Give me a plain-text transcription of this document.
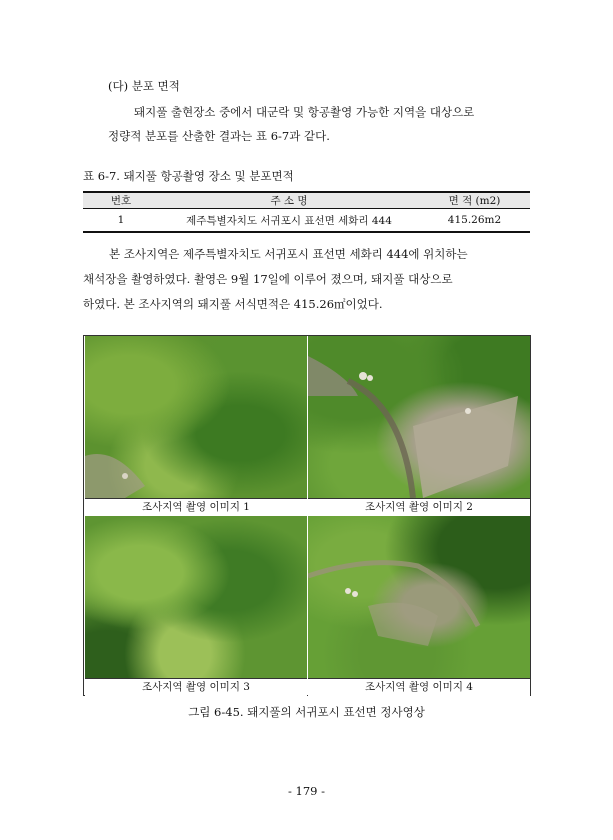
(다) 분포 면적
돼지풀 출현장소 중에서 대군락 및 항공촬영 가능한 지역을 대상으로
정량적 분포를 산출한 결과는 표 6-7과 같다.
표 6-7. 돼지풀 항공촬영 장소 및 분포면적
번호	주 소 명	면 적 (m2)
1	제주특별자치도 서귀포시 표선면 세화리 444	415.26m2
본 조사지역은 제주특별자치도 서귀포시 표선면 세화리 444에 위치하는
채석장을 촬영하였다. 촬영은 9월 17일에 이루어 졌으며, 돼지풀 대상으로
하였다. 본 조사지역의 돼지풀 서식면적은 415.26㎡이었다.
조사지역 촬영 이미지 1	조사지역 촬영 이미지 2
조사지역 촬영 이미지 3	조사지역 촬영 이미지 4
그림 6-45. 돼지풀의 서귀포시 표선면 정사영상
- 179 -
